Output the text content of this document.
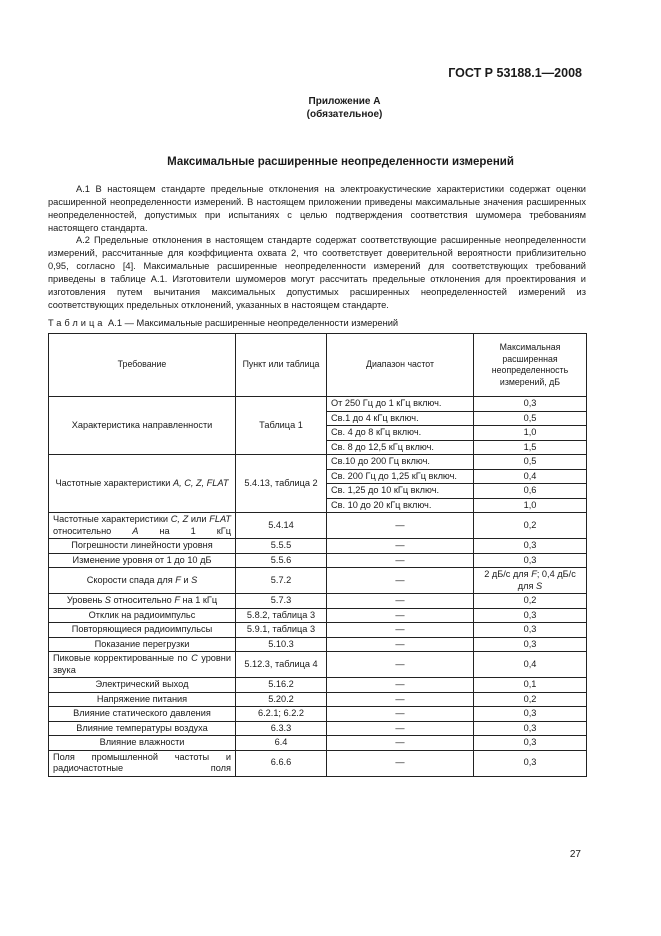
ГОСТ Р 53188.1—2008
Приложение А
(обязательное)
Максимальные расширенные неопределенности измерений

А.1 В настоящем стандарте предельные отклонения на электроакустические характеристики содержат оценки расширенной неопределенности измерений. В настоящем приложении приведены максимальные значения расширенных неопределенностей, допустимых при испытаниях с целью подтверждения соответствия шумомера требованиям настоящего стандарта.

А.2 Предельные отклонения в настоящем стандарте содержат соответствующие расширенные неопределенности измерений, рассчитанные для коэффициента охвата 2, что соответствует доверительной вероятности приблизительно 0,95, согласно [4]. Максимальные расширенные неопределенности измерений для соответствующих требований приведены в таблице А.1. Изготовители шумомеров могут рассчитать предельные отклонения для проектирования и изготовления путем вычитания максимальных допустимых расширенных неопределенностей измерений из соответствующих предельных отклонений, указанных в настоящем стандарте.

Таблица А.1 — Максимальные расширенные неопределенности измерений
Требование	Пункт или таблица	Диапазон частот	Максимальная расширенная неопределенность измерений, дБ
Характеристика направленности	Таблица 1	От 250 Гц до 1 кГц включ.	0,3
		Св.1 до 4 кГц включ.	0,5
		Св. 4 до 8 кГц включ.	1,0
		Св. 8 до 12,5 кГц включ.	1,5
Частотные характеристики A, C, Z, FLAT	5.4.13, таблица 2	Св.10 до 200 Гц включ.	0,5
		Св. 200 Гц до 1,25 кГц включ.	0,4
		Св. 1,25 до 10 кГц включ.	0,6
		Св. 10 до 20 кГц включ.	1,0
Частотные характеристики C, Z или FLAT относительно A на 1 кГц	5.4.14	—	0,2
Погрешности линейности уровня	5.5.5	—	0,3
Изменение уровня от 1 до 10 дБ	5.5.6	—	0,3
Скорости спада для F и S	5.7.2	—	2 дБ/с для F; 0,4 дБ/с для S
Уровень S относительно F на 1 кГц	5.7.3	—	0,2
Отклик на радиоимпульс	5.8.2, таблица 3	—	0,3
Повторяющиеся радиоимпульсы	5.9.1, таблица 3	—	0,3
Показание перегрузки	5.10.3	—	0,3
Пиковые корректированные по C уровни звука	5.12.3, таблица 4	—	0,4
Электрический выход	5.16.2	—	0,1
Напряжение питания	5.20.2	—	0,2
Влияние статического давления	6.2.1; 6.2.2	—	0,3
Влияние температуры воздуха	6.3.3	—	0,3
Влияние влажности	6.4	—	0,3
Поля промышленной частоты и радиочастотные поля	6.6.6	—	0,3
27
